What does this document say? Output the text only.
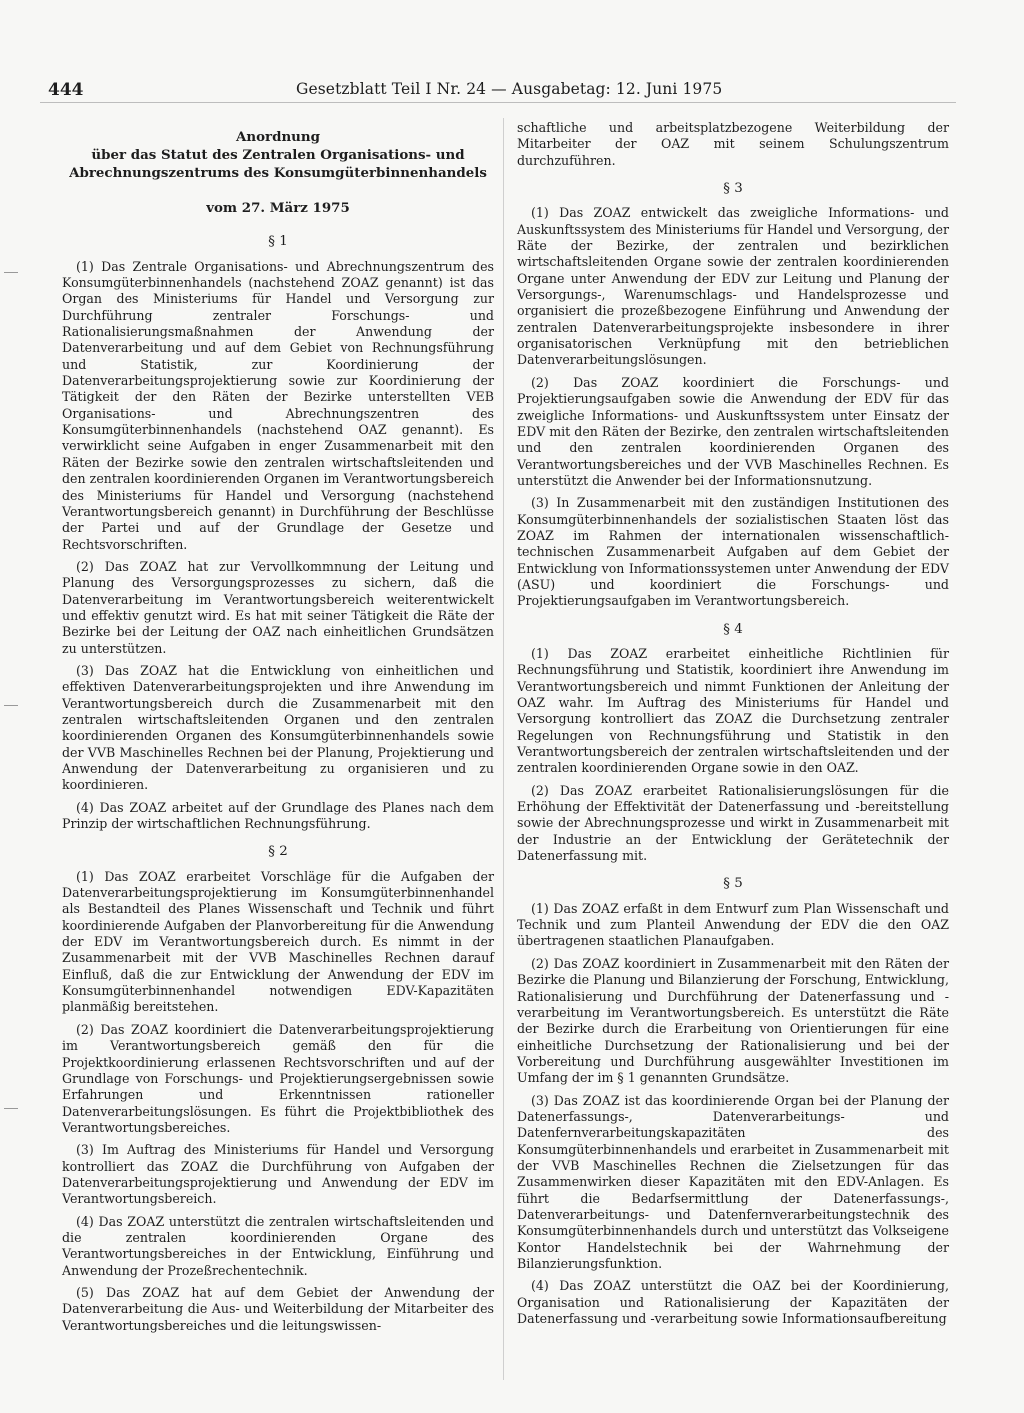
444	Gesetzblatt Teil I Nr. 24 — Ausgabetag: 12. Juni 1975
Anordnung
über das Statut des Zentralen Organisations- und
Abrechnungszentrums des Konsumgüterbinnenhandels
vom 27. März 1975
§ 1
(1) Das Zentrale Organisations- und Abrechnungszentrum des Konsumgüterbinnenhandels (nachstehend ZOAZ genannt) ist das Organ des Ministeriums für Handel und Versorgung zur Durchführung zentraler Forschungs- und Rationalisierungsmaßnahmen der Anwendung der Datenverarbeitung und auf dem Gebiet von Rechnungsführung und Statistik, zur Koordinierung der Datenverarbeitungsprojektierung sowie zur Koordinierung der Tätigkeit der den Räten der Bezirke unterstellten VEB Organisations- und Abrechnungszentren des Konsumgüterbinnenhandels (nachstehend OAZ genannt). Es verwirklicht seine Aufgaben in enger Zusammenarbeit mit den Räten der Bezirke sowie den zentralen wirtschaftsleitenden und den zentralen koordinierenden Organen im Verantwortungsbereich des Ministeriums für Handel und Versorgung (nachstehend Verantwortungsbereich genannt) in Durchführung der Beschlüsse der Partei und auf der Grundlage der Gesetze und Rechtsvorschriften.
(2) Das ZOAZ hat zur Vervollkommnung der Leitung und Planung des Versorgungsprozesses zu sichern, daß die Datenverarbeitung im Verantwortungsbereich weiterentwickelt und effektiv genutzt wird. Es hat mit seiner Tätigkeit die Räte der Bezirke bei der Leitung der OAZ nach einheitlichen Grundsätzen zu unterstützen.
(3) Das ZOAZ hat die Entwicklung von einheitlichen und effektiven Datenverarbeitungsprojekten und ihre Anwendung im Verantwortungsbereich durch die Zusammenarbeit mit den zentralen wirtschaftsleitenden Organen und den zentralen koordinierenden Organen des Konsumgüterbinnenhandels sowie der VVB Maschinelles Rechnen bei der Planung, Projektierung und Anwendung der Datenverarbeitung zu organisieren und zu koordinieren.
(4) Das ZOAZ arbeitet auf der Grundlage des Planes nach dem Prinzip der wirtschaftlichen Rechnungsführung.
§ 2
(1) Das ZOAZ erarbeitet Vorschläge für die Aufgaben der Datenverarbeitungsprojektierung im Konsumgüterbinnenhandel als Bestandteil des Planes Wissenschaft und Technik und führt koordinierende Aufgaben der Planvorbereitung für die Anwendung der EDV im Verantwortungsbereich durch. Es nimmt in der Zusammenarbeit mit der VVB Maschinelles Rechnen darauf Einfluß, daß die zur Entwicklung der Anwendung der EDV im Konsumgüterbinnenhandel notwendigen EDV-Kapazitäten planmäßig bereitstehen.
(2) Das ZOAZ koordiniert die Datenverarbeitungsprojektierung im Verantwortungsbereich gemäß den für die Projektkoordinierung erlassenen Rechtsvorschriften und auf der Grundlage von Forschungs- und Projektierungsergebnissen sowie Erfahrungen und Erkenntnissen rationeller Datenverarbeitungslösungen. Es führt die Projektbibliothek des Verantwortungsbereiches.
(3) Im Auftrag des Ministeriums für Handel und Versorgung kontrolliert das ZOAZ die Durchführung von Aufgaben der Datenverarbeitungsprojektierung und Anwendung der EDV im Verantwortungsbereich.
(4) Das ZOAZ unterstützt die zentralen wirtschaftsleitenden und die zentralen koordinierenden Organe des Verantwortungsbereiches in der Entwicklung, Einführung und Anwendung der Prozeßrechentechnik.
(5) Das ZOAZ hat auf dem Gebiet der Anwendung der Datenverarbeitung die Aus- und Weiterbildung der Mitarbeiter des Verantwortungsbereiches und die leitungswissen-
schaftliche und arbeitsplatzbezogene Weiterbildung der Mitarbeiter der OAZ mit seinem Schulungszentrum durchzuführen.
§ 3
(1) Das ZOAZ entwickelt das zweigliche Informations- und Auskunftssystem des Ministeriums für Handel und Versorgung, der Räte der Bezirke, der zentralen und bezirklichen wirtschaftsleitenden Organe sowie der zentralen koordinierenden Organe unter Anwendung der EDV zur Leitung und Planung der Versorgungs-, Warenumschlags- und Handelsprozesse und organisiert die prozeßbezogene Einführung und Anwendung der zentralen Datenverarbeitungsprojekte insbesondere in ihrer organisatorischen Verknüpfung mit den betrieblichen Datenverarbeitungslösungen.
(2) Das ZOAZ koordiniert die Forschungs- und Projektierungsaufgaben sowie die Anwendung der EDV für das zweigliche Informations- und Auskunftssystem unter Einsatz der EDV mit den Räten der Bezirke, den zentralen wirtschaftsleitenden und den zentralen koordinierenden Organen des Verantwortungsbereiches und der VVB Maschinelles Rechnen. Es unterstützt die Anwender bei der Informationsnutzung.
(3) In Zusammenarbeit mit den zuständigen Institutionen des Konsumgüterbinnenhandels der sozialistischen Staaten löst das ZOAZ im Rahmen der internationalen wissenschaftlich-technischen Zusammenarbeit Aufgaben auf dem Gebiet der Entwicklung von Informationssystemen unter Anwendung der EDV (ASU) und koordiniert die Forschungs- und Projektierungsaufgaben im Verantwortungsbereich.
§ 4
(1) Das ZOAZ erarbeitet einheitliche Richtlinien für Rechnungsführung und Statistik, koordiniert ihre Anwendung im Verantwortungsbereich und nimmt Funktionen der Anleitung der OAZ wahr. Im Auftrag des Ministeriums für Handel und Versorgung kontrolliert das ZOAZ die Durchsetzung zentraler Regelungen von Rechnungsführung und Statistik in den Verantwortungsbereich der zentralen wirtschaftsleitenden und der zentralen koordinierenden Organe sowie in den OAZ.
(2) Das ZOAZ erarbeitet Rationalisierungslösungen für die Erhöhung der Effektivität der Datenerfassung und -bereitstellung sowie der Abrechnungsprozesse und wirkt in Zusammenarbeit mit der Industrie an der Entwicklung der Gerätetechnik der Datenerfassung mit.
§ 5
(1) Das ZOAZ erfaßt in dem Entwurf zum Plan Wissenschaft und Technik und zum Planteil Anwendung der EDV die den OAZ übertragenen staatlichen Planaufgaben.
(2) Das ZOAZ koordiniert in Zusammenarbeit mit den Räten der Bezirke die Planung und Bilanzierung der Forschung, Entwicklung, Rationalisierung und Durchführung der Datenerfassung und -verarbeitung im Verantwortungsbereich. Es unterstützt die Räte der Bezirke durch die Erarbeitung von Orientierungen für eine einheitliche Durchsetzung der Rationalisierung und bei der Vorbereitung und Durchführung ausgewählter Investitionen im Umfang der im § 1 genannten Grundsätze.
(3) Das ZOAZ ist das koordinierende Organ bei der Planung der Datenerfassungs-, Datenverarbeitungs- und Datenfernverarbeitungskapazitäten des Konsumgüterbinnenhandels und erarbeitet in Zusammenarbeit mit der VVB Maschinelles Rechnen die Zielsetzungen für das Zusammenwirken dieser Kapazitäten mit den EDV-Anlagen. Es führt die Bedarfsermittlung der Datenerfassungs-, Datenverarbeitungs- und Datenfernverarbeitungstechnik des Konsumgüterbinnenhandels durch und unterstützt das Volkseigene Kontor Handelstechnik bei der Wahrnehmung der Bilanzierungsfunktion.
(4) Das ZOAZ unterstützt die OAZ bei der Koordinierung, Organisation und Rationalisierung der Kapazitäten der Datenerfassung und -verarbeitung sowie Informationsaufbereitung
